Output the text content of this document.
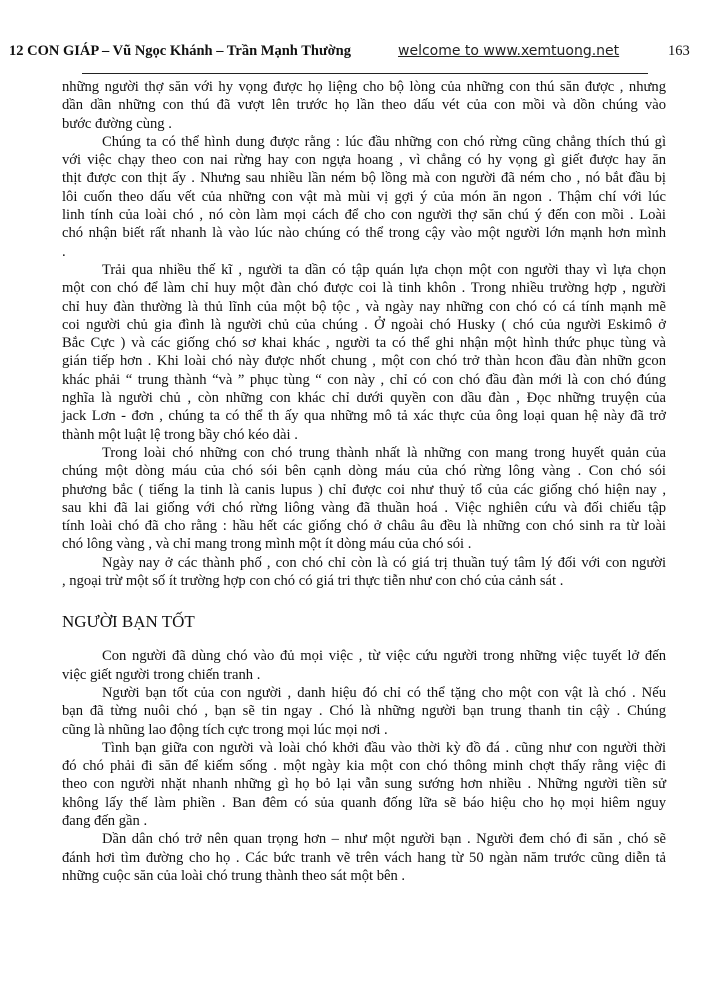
12 CON GIÁP – Vũ Ngọc Khánh – Trần Mạnh Thường	welcome to www.xemtuong.net	163
những người thợ săn với hy vọng được họ liệng cho bộ lòng của những con thú săn được , nhưng
dần dần những con thú đã vượt lên trước họ lần theo dấu vét của con mồi và dồn chúng vào
bước đường cùng .
Chúng ta có thể hình dung được rằng : lúc đầu những con chó rừng cũng chẳng thích thú gì
với việc chạy theo con nai rừng hay con ngựa hoang , vì chẳng có hy vọng gì giết được hay ăn
thịt được con thịt ấy . Nhưng sau nhiều lần ném bộ lồng mà con người đã ném cho , nó bắt đầu bị
lôi cuốn theo dấu vết của những con vật mà mùi vị gợi ý của món ăn ngon . Thậm chí với lúc
linh tính của loài chó , nó còn làm mọi cách để cho con người thợ săn chú ý đến con mồi . Loài
chó nhận biết rất nhanh là vào lúc nào chúng có thể trong cậy vào một người lớn mạnh hơn mình
.
Trải qua nhiều thế kĩ , người ta dần có tập quán lựa chọn một con người thay vì lựa chọn
một con chó để làm chỉ huy một đàn chó được coi là tinh khôn . Trong nhiều trường hợp , người
chỉ huy đàn thường là thủ lĩnh của một bộ tộc , và ngày nay những con chó có cá tính mạnh mẽ
coi người chủ gia đình là người chủ của chúng . Ở ngoài chó Husky ( chó của người Eskimô ở
Bắc Cực ) và các giống chó sơ khai khác , người ta có thể ghi nhận một hình thức phục tùng và
gián tiếp hơn . Khi loài chó này được nhốt chung , một con chó trở thàn hcon đầu đàn nhữn gcon
khác phải “ trung thành “và ” phục tùng “ con này , chỉ có con chó đầu đàn mới là con chó đúng
nghĩa là người chủ , còn những con khác chỉ dưới quyền con dầu đàn , Đọc những truyện của
jack Lơn - đơn , chúng ta có thể th ấy qua những mô tả xác thực của ông loại quan hệ này đã trở
thành một luật lệ trong bầy chó kéo dài .
Trong loài chó những con chó trung thành nhất là những con mang trong huyết quản của
chúng một dòng máu của chó sói bên cạnh dòng máu của chó rừng lông vàng . Con chó sói
phương bắc ( tiếng la tinh là canis lupus ) chỉ được coi như thuỷ tổ của các giống chó hiện nay ,
sau khi đã lai giống với chó rừng liông vàng đã thuần hoá . Việc nghiên cứu và đối chiếu tập
tính loài chó đã cho rằng : hầu hết các giống chó ở châu âu đều là những con chó sinh ra từ loài
chó lông vàng , và chỉ mang trong mình một ít dòng máu của chó sói .
Ngày nay ở các thành phố , con chó chỉ còn là có giá trị thuần tuý tâm lý đối với con người
, ngoại trừ một số ít trường hợp con chó có giá tri thực tiễn như con chó của cảnh sát .
NGƯỜI BẠN TỐT
Con người đã dùng chó vào đủ mọi việc , từ việc cứu người trong những việc tuyết lở đến
việc giết người trong chiến tranh .
Người bạn tốt của con người , danh hiệu đó chỉ có thể tặng cho một con vật là chó . Nếu
bạn đã từng nuôi chó , bạn sẽ tin ngay . Chó là những người bạn trung thanh tin cậỳ . Chúng
cũng là nhũng lao động tích cực trong mọi lúc mọi nơi .
Tình bạn giữa con người và loài chó khởi đầu vào thời kỳ đồ đá . cũng như con người thời
đó chó phải đi săn để kiếm sống . một ngày kia một con chó thông minh chợt thấy rằng việc đi
theo con người nhặt nhanh những gì họ bỏ lại vẫn sung sướng hơn nhiều . Những người tiền sử
không lấy thế làm phiền . Ban đêm có sủa quanh đống lữa sẽ báo hiệu cho họ mọi hiêm nguy
đang đến gần .
Dần dân chó trở nên quan trọng hơn – như một người bạn . Người đem chó đi săn , chó sẽ
đánh hơi tìm đường cho họ . Các bức tranh vẽ trên vách hang từ 50 ngàn năm trước cũng diễn tả
những cuộc săn của loài chó trung thành theo sát một bên .
